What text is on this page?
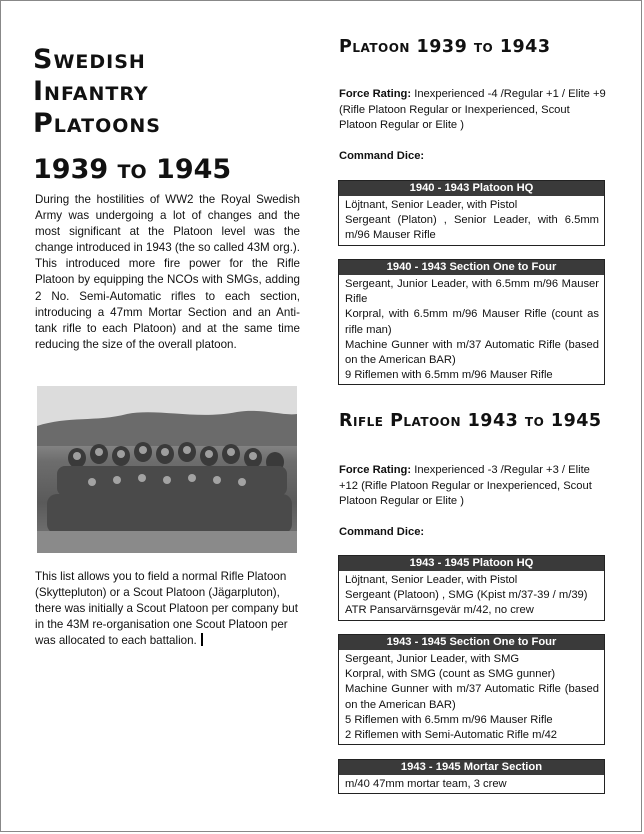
Swedish
Infantry
Platoons
1939 to 1945

During the hostilities of WW2 the Royal Swedish Army was undergoing a lot of changes and the most significant at the Platoon level was the change introduced in 1943 (the so called 43M org.). This introduced more fire power for the Rifle Platoon by equipping the NCOs with SMGs, adding 2 No. Semi-Automatic rifles to each section, introducing a 47mm Mortar Section and an Anti-tank rifle to each Platoon) and at the same time reducing the size of the overall platoon.

This list allows you to field a normal Rifle Platoon (Skyttepluton) or a Scout Platoon (Jägarpluton), there was initially a Scout Platoon per company but in the 43M re-organisation one Scout Platoon per was allocated to each battalion.

Platoon 1939 to 1943

Force Rating: Inexperienced -4 /Regular +1 / Elite +9 (Rifle Platoon Regular or Inexperienced, Scout Platoon Regular or Elite )

Command Dice:

1940 - 1943 Platoon HQ

Löjtnant, Senior Leader, with Pistol

Sergeant (Platon) , Senior Leader, with 6.5mm m/96 Mauser Rifle

1940 - 1943 Section One to Four

Sergeant, Junior Leader, with 6.5mm m/96 Mauser Rifle

Korpral, with 6.5mm m/96 Mauser Rifle (count as rifle man)

Machine Gunner with m/37 Automatic Rifle (based on the American BAR)

9 Riflemen with 6.5mm m/96 Mauser Rifle

Rifle Platoon 1943 to 1945

Force Rating: Inexperienced -3 /Regular +3 / Elite +12 (Rifle Platoon Regular or Inexperienced, Scout Platoon Regular or Elite )

Command Dice:

1943 - 1945 Platoon HQ

Löjtnant, Senior Leader, with Pistol

Sergeant (Platoon) , SMG (Kpist m/37-39 / m/39)

ATR Pansarvärnsgevär m/42, no crew

1943 - 1945 Section One to Four

Sergeant, Junior Leader, with SMG

Korpral, with SMG (count as SMG gunner)

Machine Gunner with m/37 Automatic Rifle (based on the American BAR)

5 Riflemen with 6.5mm m/96 Mauser Rifle

2 Riflemen with Semi-Automatic Rifle m/42

1943 - 1945 Mortar Section

m/40 47mm mortar team, 3 crew
